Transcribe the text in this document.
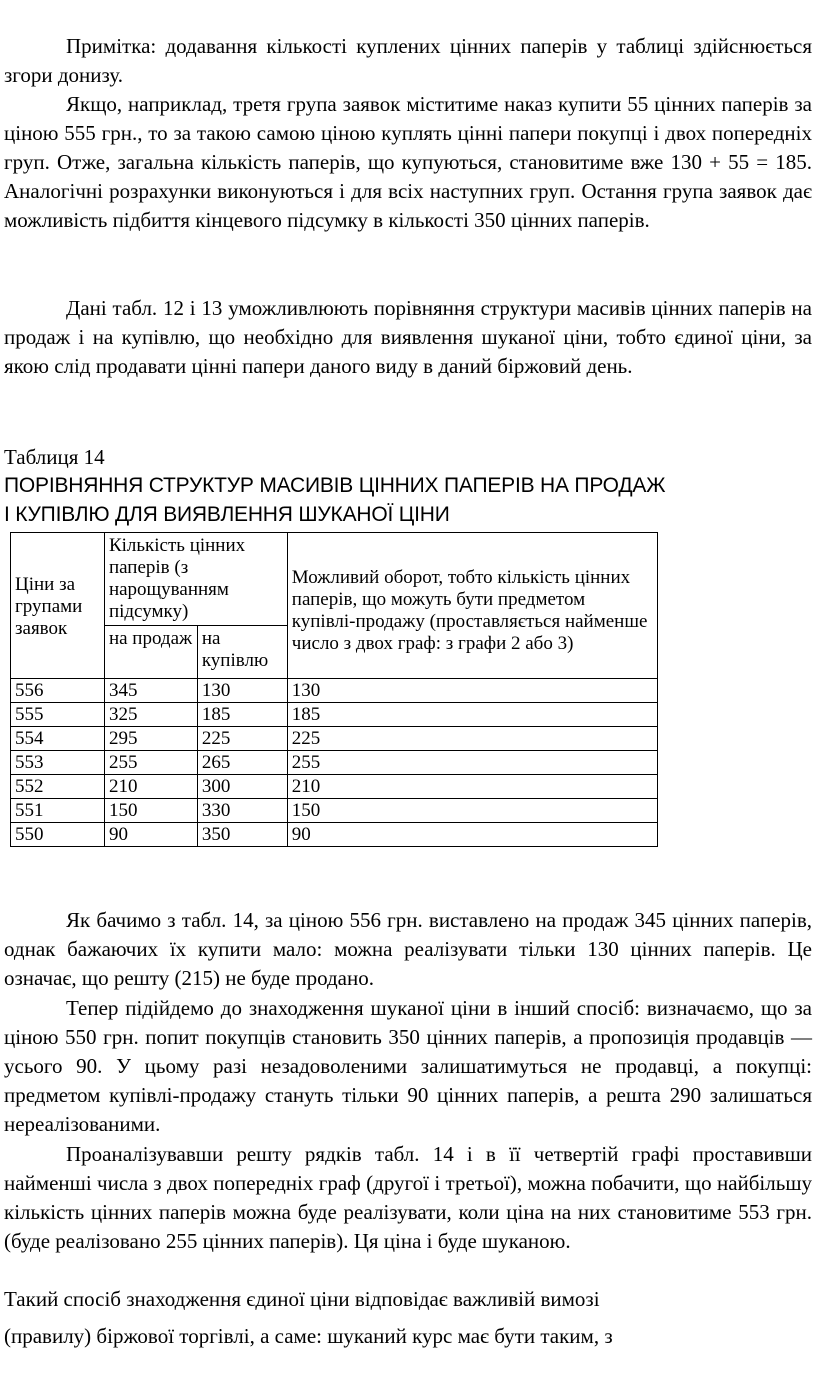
Примітка: додавання кількості куплених цінних паперів у таблиці здійснюється згори донизу.

Якщо, наприклад, третя група заявок міститиме наказ купити 55 цінних паперів за ціною 555 грн., то за такою самою ціною куплять цінні папери покупці і двох попередніх груп. Отже, загальна кількість паперів, що купуються, становитиме вже 130 + 55 = 185. Аналогічні розрахунки виконуються і для всіх наступних груп. Остання група заявок дає можливість підбиття кінцевого підсумку в кількості 350 цінних паперів.

Дані табл. 12 і 13 уможливлюють порівняння структури масивів цінних паперів на продаж і на купівлю, що необхідно для виявлення шуканої ціни, тобто єдиної ціни, за якою слід продавати цінні папери даного виду в даний біржовий день.

Таблиця 14

ПОРІВНЯННЯ СТРУКТУР МАСИВІВ ЦІННИХ ПАПЕРІВ НА ПРОДАЖ
І КУПІВЛЮ ДЛЯ ВИЯВЛЕННЯ ШУКАНОЇ ЦІНИ

Ціни за групами заявок	Кількість цінних паперів (з нарощуванням підсумку)		Можливий оборот, тобто кількість цінних паперів, що можуть бути предметом купівлі-продажу (проставляється найменше число з двох граф: з графи 2 або 3)
	на продаж	на купівлю	
556	345	130	130
555	325	185	185
554	295	225	225
553	255	265	255
552	210	300	210
551	150	330	150
550	90	350	90

Як бачимо з табл. 14, за ціною 556 грн. виставлено на продаж 345 цінних паперів, однак бажаючих їх купити мало: можна реалізувати тільки 130 цінних паперів. Це означає, що решту (215) не буде продано.

Тепер підійдемо до знаходження шуканої ціни в інший спосіб: визначаємо, що за ціною 550 грн. попит покупців становить 350 цінних паперів, а пропозиція продавців — усього 90. У цьому разі незадоволеними залишатимуться не продавці, а покупці: предметом купівлі-продажу стануть тільки 90 цінних паперів, а решта 290 залишаться нереалізованими.

Проаналізувавши решту рядків табл. 14 і в її четвертій графі проставивши найменші числа з двох попередніх граф (другої і третьої), можна побачити, що найбільшу кількість цінних паперів можна буде реалізувати, коли ціна на них становитиме 553 грн. (буде реалізовано 255 цінних паперів). Ця ціна і буде шуканою.

Такий спосіб знаходження єдиної ціни відповідає важливій вимозі

(правилу) біржової торгівлі, а саме: шуканий курс має бути таким, з
